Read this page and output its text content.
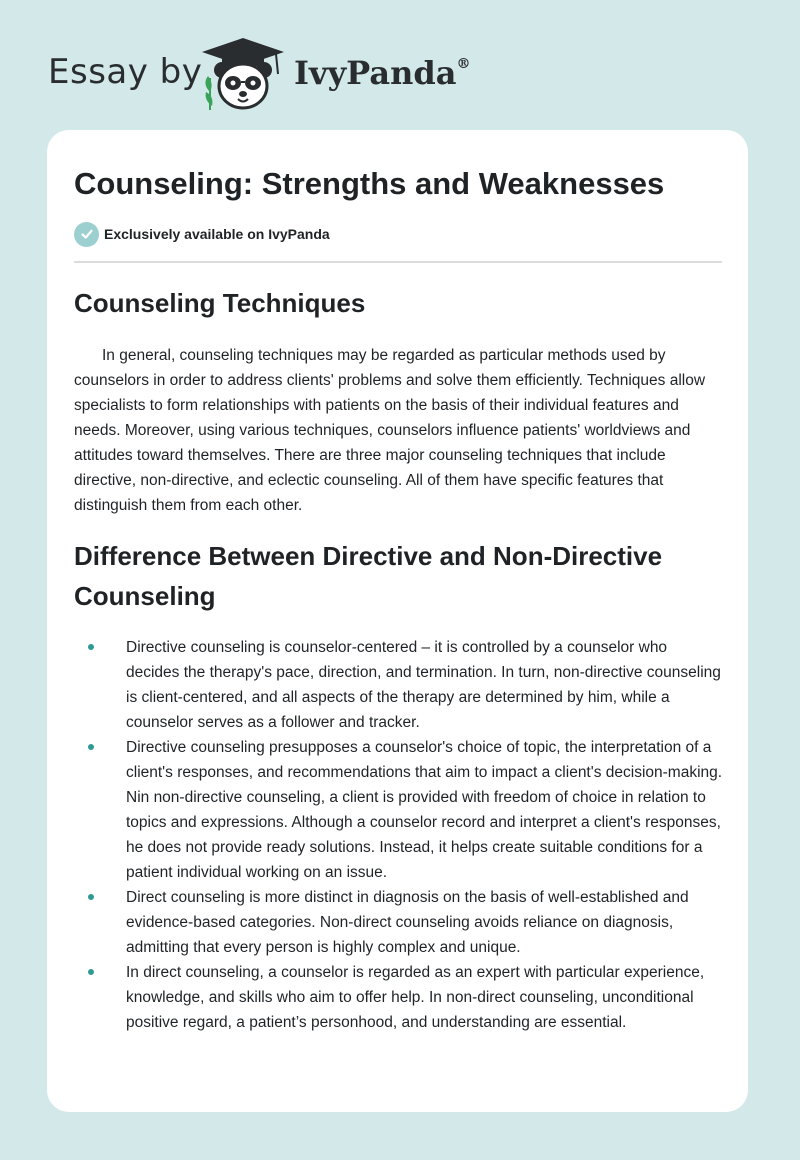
Essay by	IvyPanda®
Counseling: Strengths and Weaknesses
Exclusively available on IvyPanda
Counseling Techniques

In general, counseling techniques may be regarded as particular methods used by counselors in order to address clients' problems and solve them efficiently. Techniques allow specialists to form relationships with patients on the basis of their individual features and needs. Moreover, using various techniques, counselors influence patients' worldviews and attitudes toward themselves. There are three major counseling techniques that include directive, non-directive, and eclectic counseling. All of them have specific features that distinguish them from each other.

Difference Between Directive and Non-Directive Counseling
Directive counseling is counselor-centered – it is controlled by a counselor who decides the therapy's pace, direction, and termination. In turn, non-directive counseling is client-centered, and all aspects of the therapy are determined by him, while a counselor serves as a follower and tracker.
Directive counseling presupposes a counselor's choice of topic, the interpretation of a client's responses, and recommendations that aim to impact a client's decision-making. Nin non-directive counseling, a client is provided with freedom of choice in relation to topics and expressions. Although a counselor record and interpret a client's responses, he does not provide ready solutions. Instead, it helps create suitable conditions for a patient individual working on an issue.
Direct counseling is more distinct in diagnosis on the basis of well-established and evidence-based categories. Non-direct counseling avoids reliance on diagnosis, admitting that every person is highly complex and unique.
In direct counseling, a counselor is regarded as an expert with particular experience, knowledge, and skills who aim to offer help. In non-direct counseling, unconditional positive regard, a patient’s personhood, and understanding are essential.
